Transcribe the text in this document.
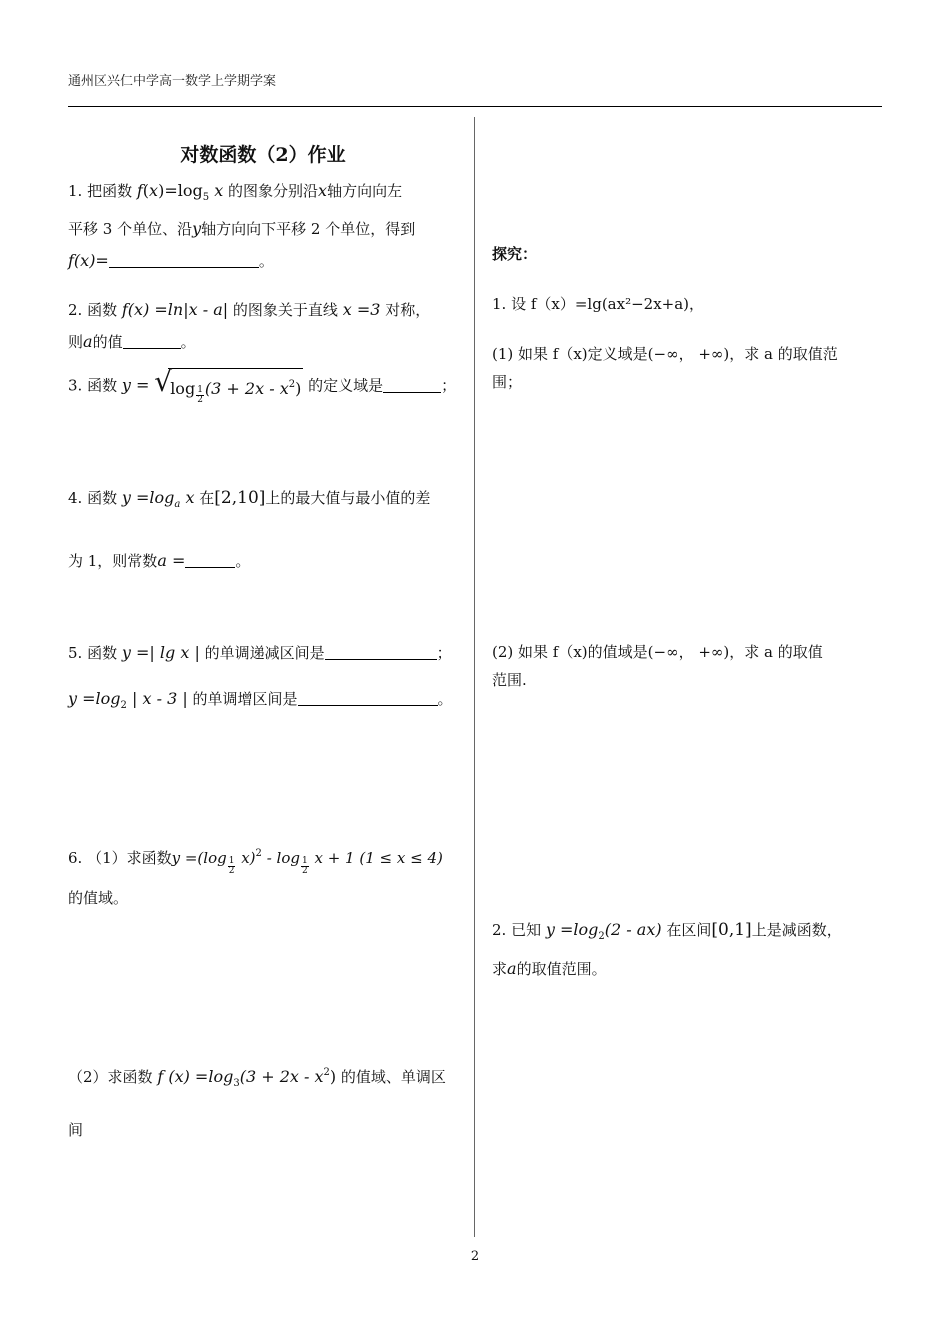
通州区兴仁中学高一数学上学期学案
对数函数（2）作业
1. 把函数 $f(x)=\log_5$ x 的图象分别沿x轴方向向左
平移 3 个单位、沿y轴方向向下平移 2 个单位，得到
f(x)=	。
2. 函数 f(x) =ln|x - a| 的图象关于直线 x =3 对称，
则a的值	。
3. 函数 y = √
$\log \frac{1}{2} (3 + 2x - x^2)$ 的定义域是	；
4. 函数 $y =\log_a$ x 在[2,10]上的最大值与最小值的差
为 1，则常数a =	。
5. 函数 y =| lg x | 的单调递减区间是	；
$y =\log_2$ | x - 3 | 的单调增区间是	。
6. （1）求函数$y =(\log \frac{1}{2} x)^2 - \log \frac{1}{2}$ x + 1 (1 ≤ x ≤ 4)
的值域。
（2）求函数 f $(x) =\log_3(3 + 2x - x^2)$ 的值域、单调区
间
探究：
1. 设 f（x）=lg(ax²−2x+a)，
(1) 如果 f（x)定义域是(−∞， +∞)，求 a 的取值范
围；
(2) 如果 f（x)的值域是(−∞， +∞)，求 a 的取值
范围.
2. 已知 $y =\log_2(2 - ax)$ 在区间[0,1]上是减函数，
求a的取值范围。
2
